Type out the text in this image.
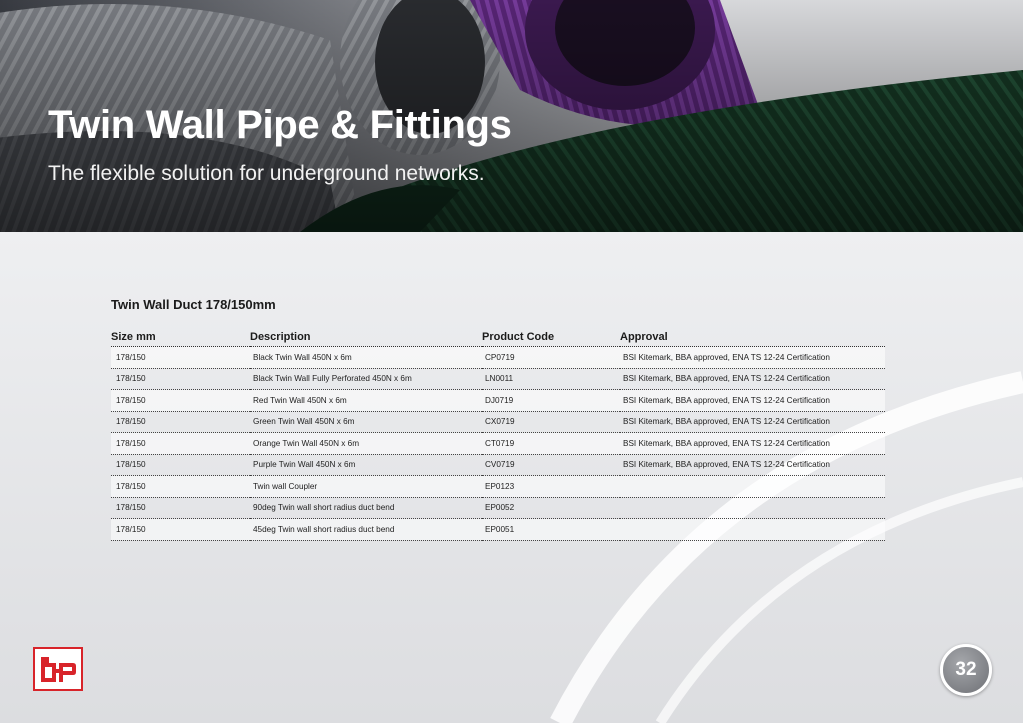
Twin Wall Pipe & Fittings

The flexible solution for underground networks.

Twin Wall Duct 178/150mm
Size mm	Description	Product Code	Approval
178/150	Black Twin Wall 450N x 6m	CP0719	BSI Kitemark, BBA approved, ENA TS 12-24 Certification
178/150	Black Twin Wall Fully Perforated 450N x 6m	LN0011	BSI Kitemark, BBA approved, ENA TS 12-24 Certification
178/150	Red Twin Wall 450N x 6m	DJ0719	BSI Kitemark, BBA approved, ENA TS 12-24 Certification
178/150	Green Twin Wall 450N x 6m	CX0719	BSI Kitemark, BBA approved, ENA TS 12-24 Certification
178/150	Orange Twin Wall 450N x 6m	CT0719	BSI Kitemark, BBA approved, ENA TS 12-24 Certification
178/150	Purple Twin Wall 450N x 6m	CV0719	BSI Kitemark, BBA approved, ENA TS 12-24 Certification
178/150	Twin wall Coupler	EP0123	
178/150	90deg Twin wall short radius duct bend	EP0052	
178/150	45deg Twin wall short radius duct bend	EP0051	
32
